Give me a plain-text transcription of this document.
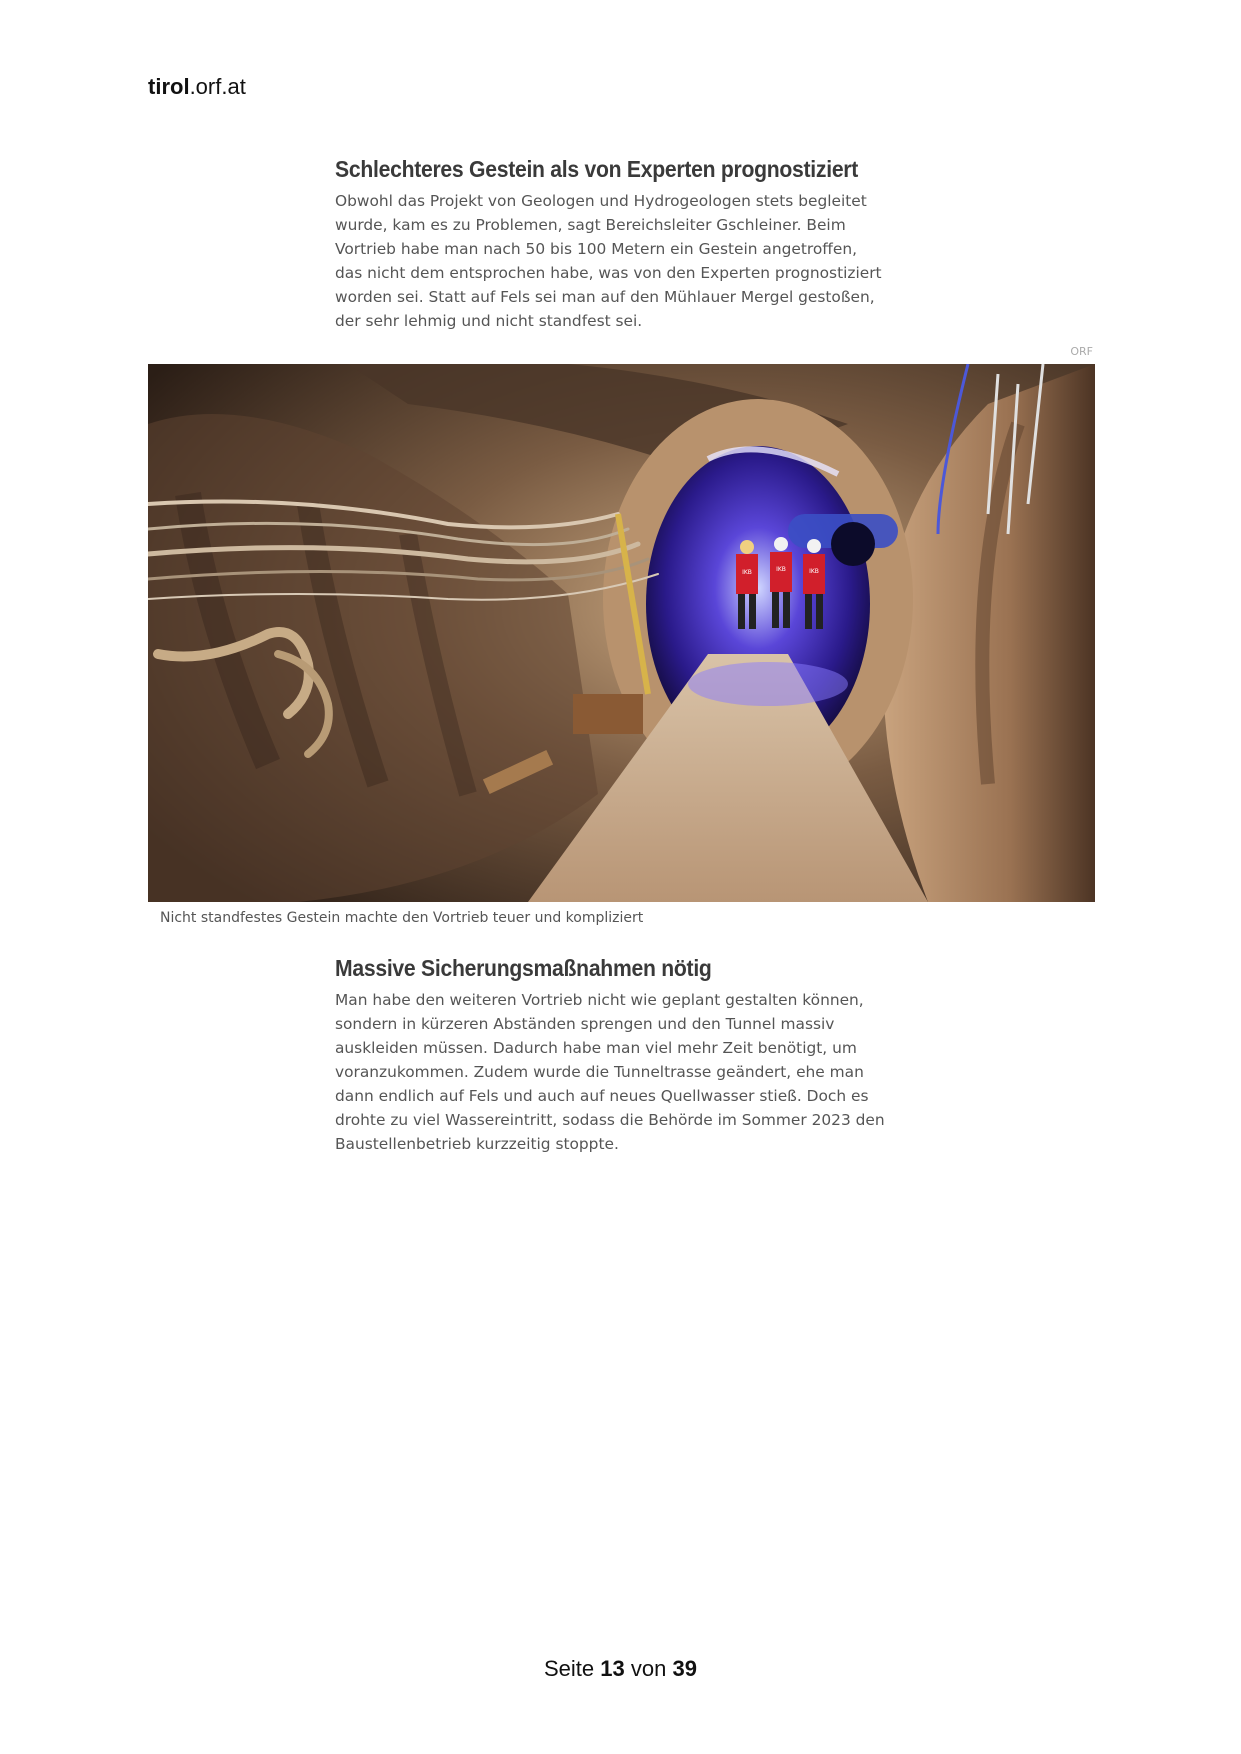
tirol.orf.at
Schlechteres Gestein als von Experten prognostiziert

Obwohl das Projekt von Geologen und Hydrogeologen stets begleitet
wurde, kam es zu Problemen, sagt Bereichsleiter Gschleiner. Beim
Vortrieb habe man nach 50 bis 100 Metern ein Gestein angetroffen,
das nicht dem entsprochen habe, was von den Experten prognostiziert
worden sei. Statt auf Fels sei man auf den Mühlauer Mergel gestoßen,
der sehr lehmig und nicht standfest sei.

ORF
IKB	IKB	IKB
Nicht standfestes Gestein machte den Vortrieb teuer und kompliziert
Massive Sicherungsmaßnahmen nötig

Man habe den weiteren Vortrieb nicht wie geplant gestalten können,
sondern in kürzeren Abständen sprengen und den Tunnel massiv
auskleiden müssen. Dadurch habe man viel mehr Zeit benötigt, um
voranzukommen. Zudem wurde die Tunneltrasse geändert, ehe man
dann endlich auf Fels und auch auf neues Quellwasser stieß. Doch es
drohte zu viel Wassereintritt, sodass die Behörde im Sommer 2023 den
Baustellenbetrieb kurzzeitig stoppte.

Seite 13 von 39
